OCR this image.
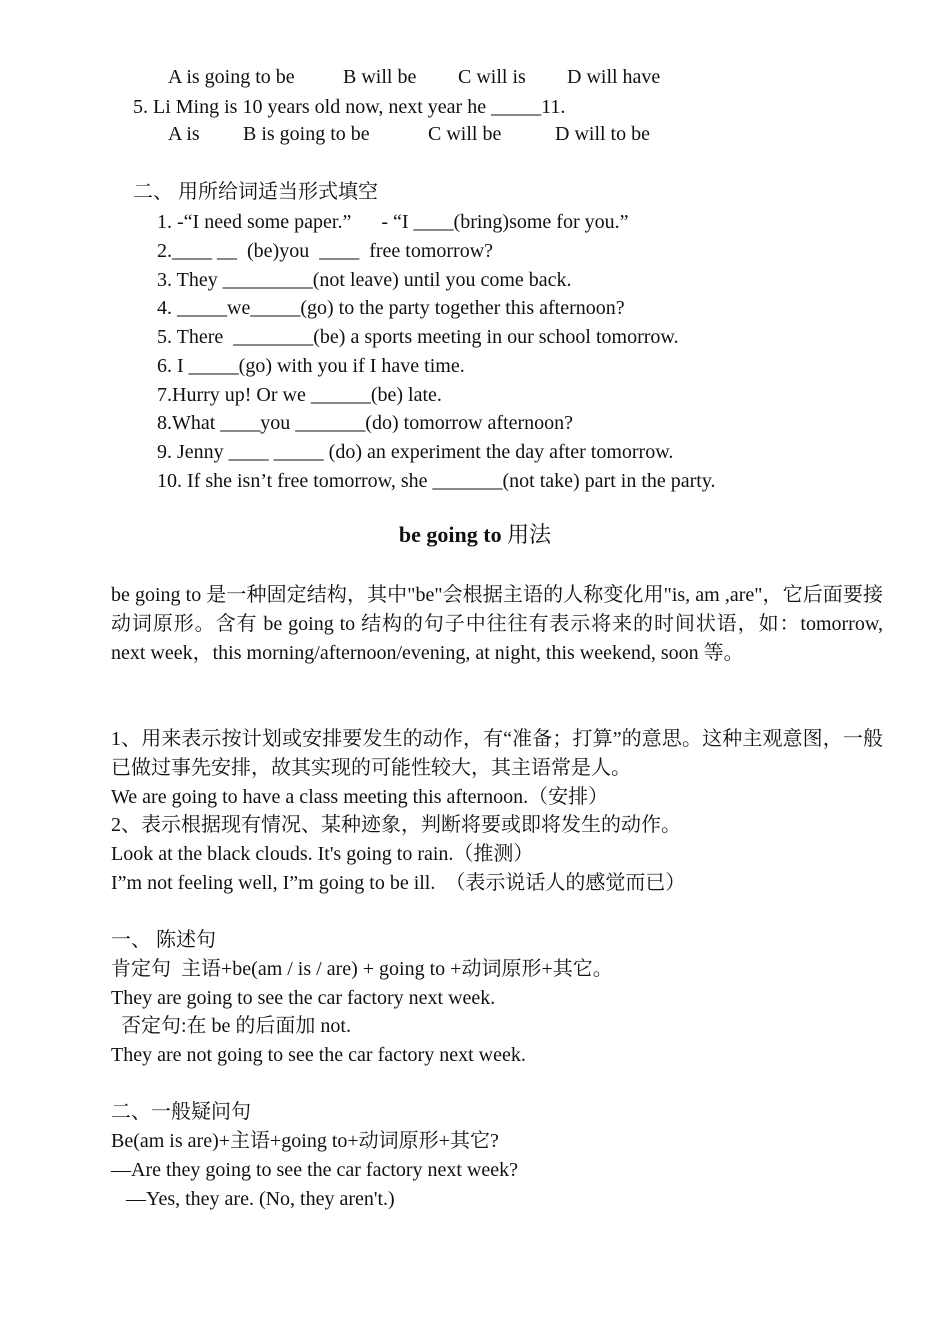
A is going to be B will be C will is D will have
5. Li Ming is 10 years old now, next year he _____11.
A is B is going to be	C will be	D will to be
二、 用所给词适当形式填空
1. -“I need some paper.”      - “I ____(bring)some for you.”
2.____ __  (be)you  ____  free tomorrow?
3. They _________(not leave) until you come back.
4. _____we_____(go) to the party together this afternoon?
5. There  ________(be) a sports meeting in our school tomorrow.
6. I _____(go) with you if I have time.
7.Hurry up! Or we ______(be) late.
8.What ____you _______(do) tomorrow afternoon?
9. Jenny ____ _____ (do) an experiment the day after tomorrow.
10. If she isn’t free tomorrow, she _______(not take) part in the party.
be going to 用法
be going to 是一种固定结构，其中"be"会根据主语的人称变化用"is, am ,are"，它后面要接动词原形。含有 be going to 结构的句子中往往有表示将来的时间状语，如：tomorrow, next week，this morning/afternoon/evening, at night, this weekend, soon 等。
1、用来表示按计划或安排要发生的动作，有“准备；打算”的意思。这种主观意图，一般已做过事先安排，故其实现的可能性较大，其主语常是人。
We are going to have a class meeting this afternoon.（安排）
2、表示根据现有情况、某种迹象，判断将要或即将发生的动作。
Look at the black clouds. It's going to rain.（推测）
I”m not feeling well, I”m going to be ill.  （表示说话人的感觉而已）
一、 陈述句
肯定句  主语+be(am / is / are) + going to +动词原形+其它。
They are going to see the car factory next week.
否定句:在 be 的后面加 not.
They are not going to see the car factory next week.
二、一般疑问句
Be(am is are)+主语+going to+动词原形+其它?
—Are they going to see the car factory next week?
—Yes, they are. (No, they aren't.)
